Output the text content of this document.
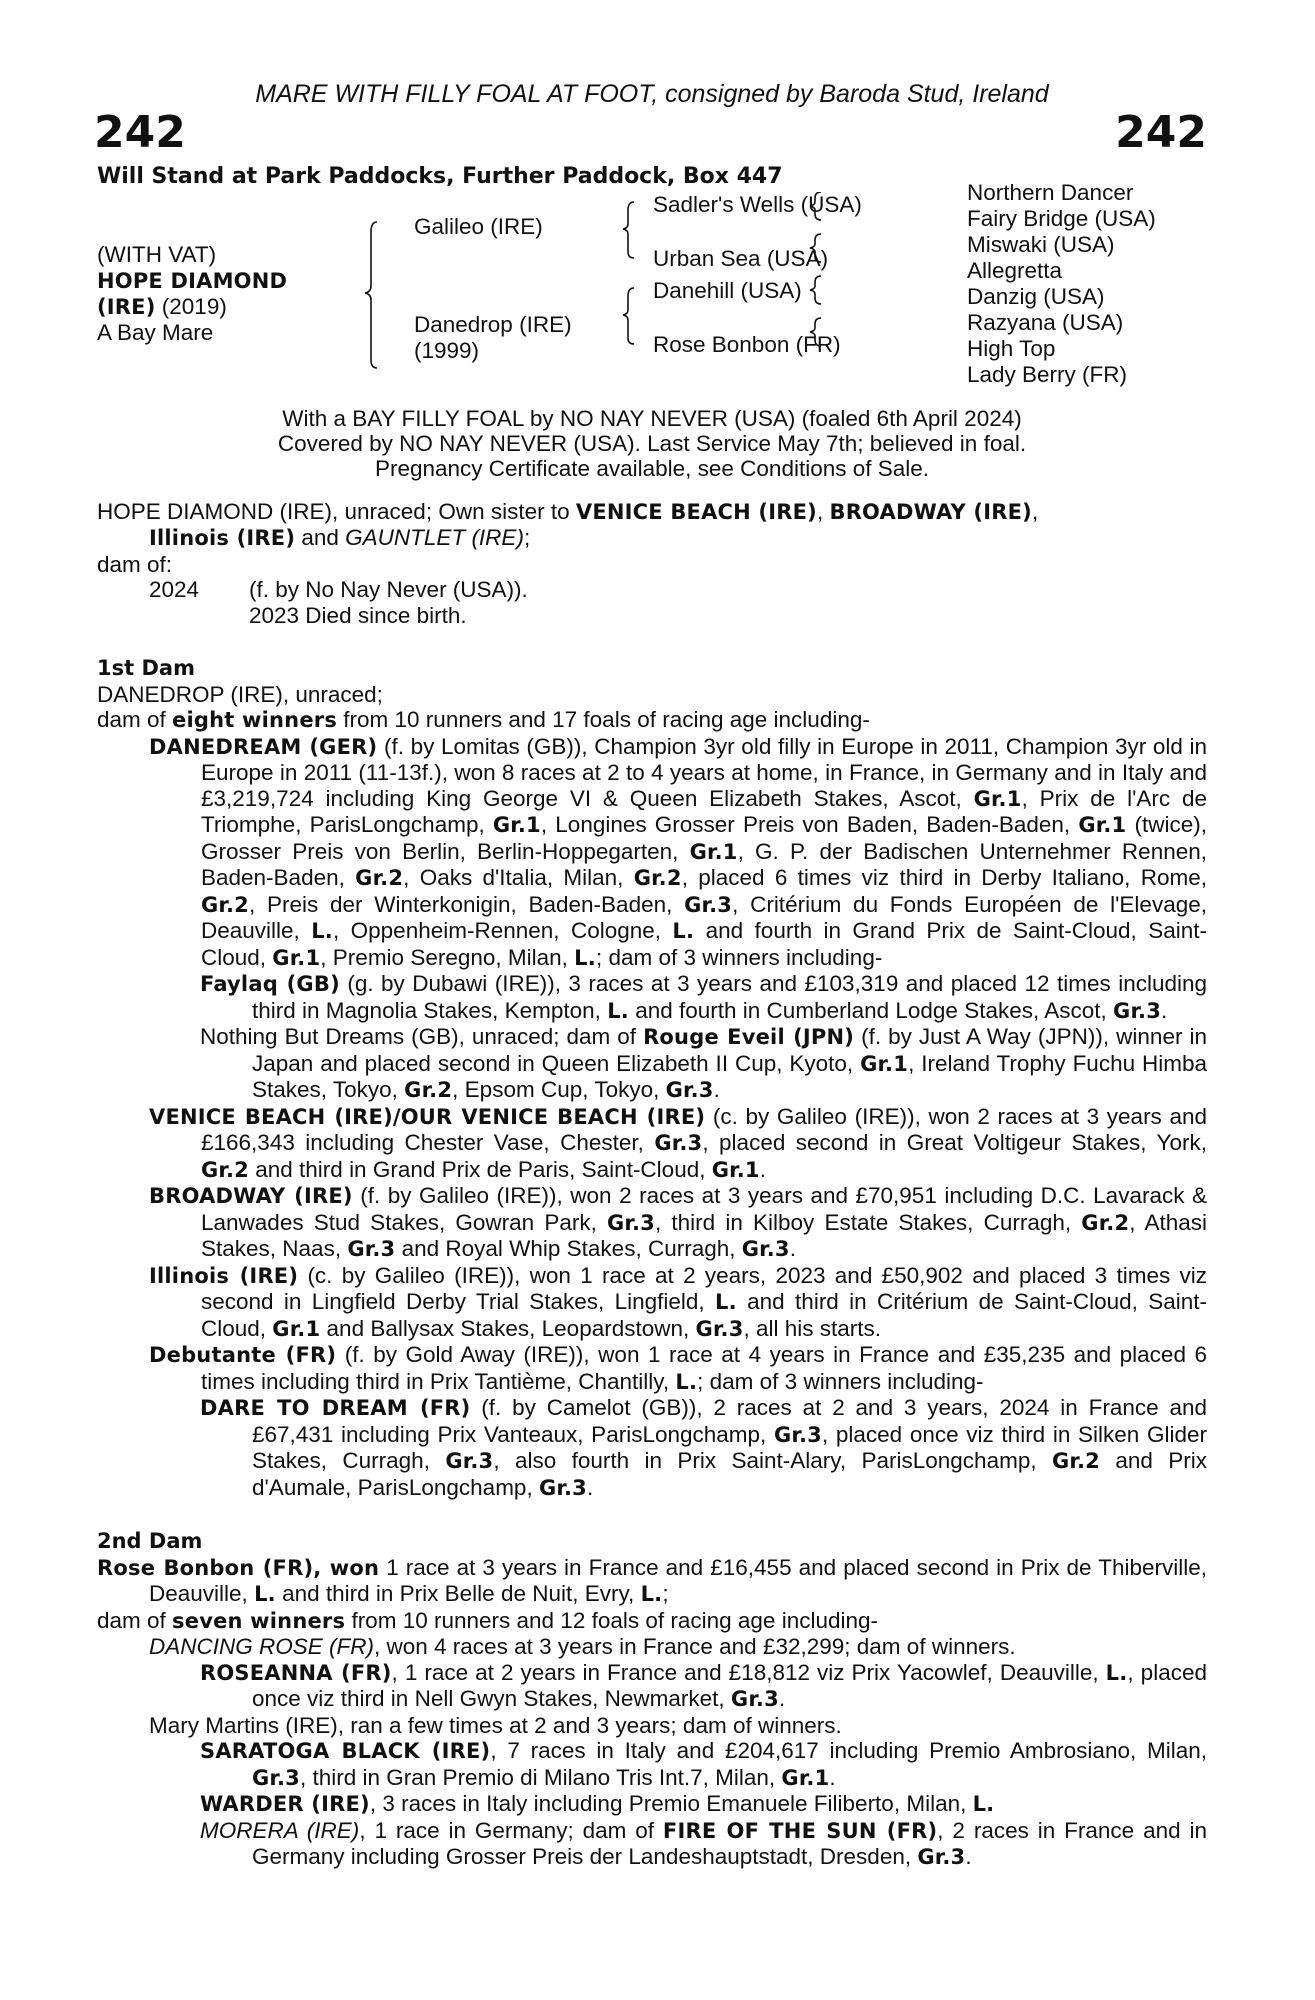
MARE WITH FILLY FOAL AT FOOT, consigned by Baroda Stud, Ireland
242	242
Will Stand at Park Paddocks, Further Paddock, Box 447
(WITH VAT)
HOPE DIAMOND
(IRE) (2019)
A Bay Mare
Galileo (IRE)
Danedrop (IRE)
(1999)
Sadler's Wells (USA)
Urban Sea (USA)
Danehill (USA)
Rose Bonbon (FR)
Northern Dancer
Fairy Bridge (USA)
Miswaki (USA)
Allegretta
Danzig (USA)
Razyana (USA)
High Top
Lady Berry (FR)
With a BAY FILLY FOAL by NO NAY NEVER (USA) (foaled 6th April 2024)
Covered by NO NAY NEVER (USA). Last Service May 7th; believed in foal.
Pregnancy Certificate available, see Conditions of Sale.
HOPE DIAMOND (IRE), unraced; Own sister to VENICE BEACH (IRE), BROADWAY (IRE),
Illinois (IRE) and GAUNTLET (IRE);
dam of:
2024	(f. by No Nay Never (USA)).
2023 Died since birth.
1st Dam
DANEDROP (IRE), unraced;
dam of eight winners from 10 runners and 17 foals of racing age including-
DANEDREAM (GER) (f. by Lomitas (GB)), Champion 3yr old filly in Europe in 2011, Champion 3yr old in Europe in 2011 (11-13f.), won 8 races at 2 to 4 years at home, in France, in Germany and in Italy and £3,219,724 including King George VI & Queen Elizabeth Stakes, Ascot, Gr.1, Prix de l'Arc de Triomphe, ParisLongchamp, Gr.1, Longines Grosser Preis von Baden, Baden-Baden, Gr.1 (twice), Grosser Preis von Berlin, Berlin-Hoppegarten, Gr.1, G. P. der Badischen Unternehmer Rennen, Baden-Baden, Gr.2, Oaks d'Italia, Milan, Gr.2, placed 6 times viz third in Derby Italiano, Rome, Gr.2, Preis der Winterkonigin, Baden-Baden, Gr.3, Critérium du Fonds Européen de l'Elevage, Deauville, L., Oppenheim-Rennen, Cologne, L. and fourth in Grand Prix de Saint-Cloud, Saint-Cloud, Gr.1, Premio Seregno, Milan, L.; dam of 3 winners including-
Faylaq (GB) (g. by Dubawi (IRE)), 3 races at 3 years and £103,319 and placed 12 times including third in Magnolia Stakes, Kempton, L. and fourth in Cumberland Lodge Stakes, Ascot, Gr.3.
Nothing But Dreams (GB), unraced; dam of Rouge Eveil (JPN) (f. by Just A Way (JPN)), winner in Japan and placed second in Queen Elizabeth II Cup, Kyoto, Gr.1, Ireland Trophy Fuchu Himba Stakes, Tokyo, Gr.2, Epsom Cup, Tokyo, Gr.3.
VENICE BEACH (IRE)/OUR VENICE BEACH (IRE) (c. by Galileo (IRE)), won 2 races at 3 years and £166,343 including Chester Vase, Chester, Gr.3, placed second in Great Voltigeur Stakes, York, Gr.2 and third in Grand Prix de Paris, Saint-Cloud, Gr.1.
BROADWAY (IRE) (f. by Galileo (IRE)), won 2 races at 3 years and £70,951 including D.C. Lavarack & Lanwades Stud Stakes, Gowran Park, Gr.3, third in Kilboy Estate Stakes, Curragh, Gr.2, Athasi Stakes, Naas, Gr.3 and Royal Whip Stakes, Curragh, Gr.3.
Illinois (IRE) (c. by Galileo (IRE)), won 1 race at 2 years, 2023 and £50,902 and placed 3 times viz second in Lingfield Derby Trial Stakes, Lingfield, L. and third in Critérium de Saint-Cloud, Saint-Cloud, Gr.1 and Ballysax Stakes, Leopardstown, Gr.3, all his starts.
Debutante (FR) (f. by Gold Away (IRE)), won 1 race at 4 years in France and £35,235 and placed 6 times including third in Prix Tantième, Chantilly, L.; dam of 3 winners including-
DARE TO DREAM (FR) (f. by Camelot (GB)), 2 races at 2 and 3 years, 2024 in France and £67,431 including Prix Vanteaux, ParisLongchamp, Gr.3, placed once viz third in Silken Glider Stakes, Curragh, Gr.3, also fourth in Prix Saint-Alary, ParisLongchamp, Gr.2 and Prix d'Aumale, ParisLongchamp, Gr.3.
2nd Dam
Rose Bonbon (FR), won 1 race at 3 years in France and £16,455 and placed second in Prix de Thiberville, Deauville, L. and third in Prix Belle de Nuit, Evry, L.;
dam of seven winners from 10 runners and 12 foals of racing age including-
DANCING ROSE (FR), won 4 races at 3 years in France and £32,299; dam of winners.
ROSEANNA (FR), 1 race at 2 years in France and £18,812 viz Prix Yacowlef, Deauville, L., placed once viz third in Nell Gwyn Stakes, Newmarket, Gr.3.
Mary Martins (IRE), ran a few times at 2 and 3 years; dam of winners.
SARATOGA BLACK (IRE), 7 races in Italy and £204,617 including Premio Ambrosiano, Milan, Gr.3, third in Gran Premio di Milano Tris Int.7, Milan, Gr.1.
WARDER (IRE), 3 races in Italy including Premio Emanuele Filiberto, Milan, L.
MORERA (IRE), 1 race in Germany; dam of FIRE OF THE SUN (FR), 2 races in France and in Germany including Grosser Preis der Landeshauptstadt, Dresden, Gr.3.
